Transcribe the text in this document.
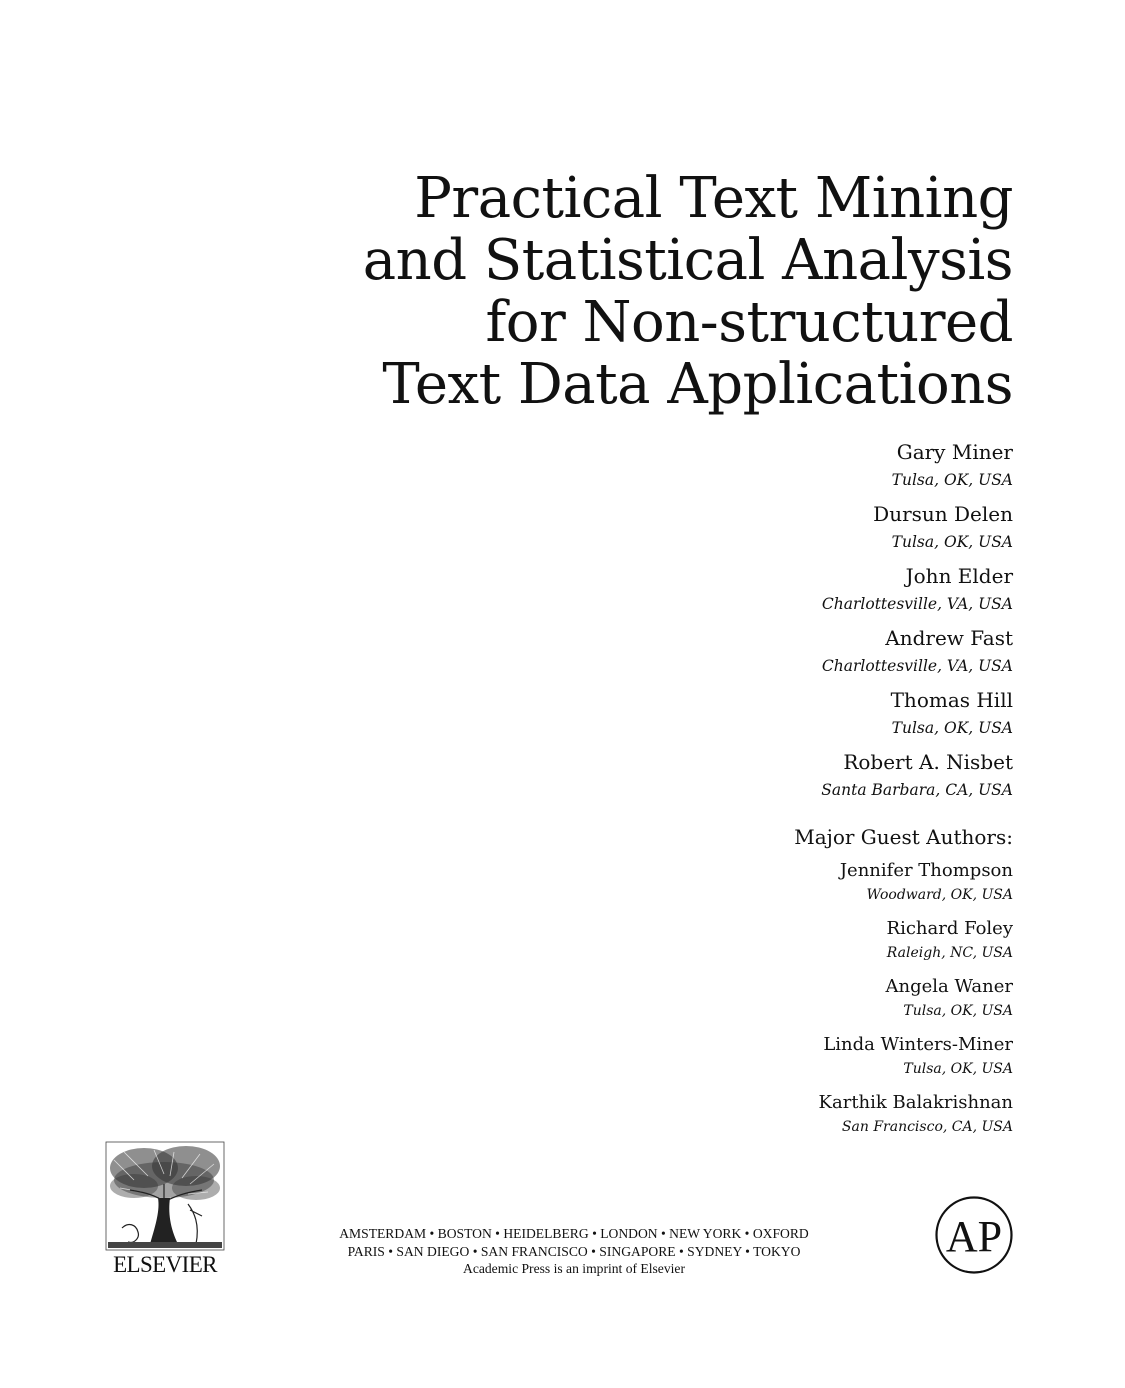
Practical Text Mining
and Statistical Analysis
for Non-structured
Text Data Applications
Gary Miner
Tulsa, OK, USA
Dursun Delen
Tulsa, OK, USA
John Elder
Charlottesville, VA, USA
Andrew Fast
Charlottesville, VA, USA
Thomas Hill
Tulsa, OK, USA
Robert A. Nisbet
Santa Barbara, CA, USA
Major Guest Authors:
Jennifer Thompson
Woodward, OK, USA
Richard Foley
Raleigh, NC, USA
Angela Waner
Tulsa, OK, USA
Linda Winters-Miner
Tulsa, OK, USA
Karthik Balakrishnan
San Francisco, CA, USA
ELSEVIER
AMSTERDAM • BOSTON • HEIDELBERG • LONDON • NEW YORK • OXFORD
PARIS • SAN DIEGO • SAN FRANCISCO • SINGAPORE • SYDNEY • TOKYO
Academic Press is an imprint of Elsevier
AP
